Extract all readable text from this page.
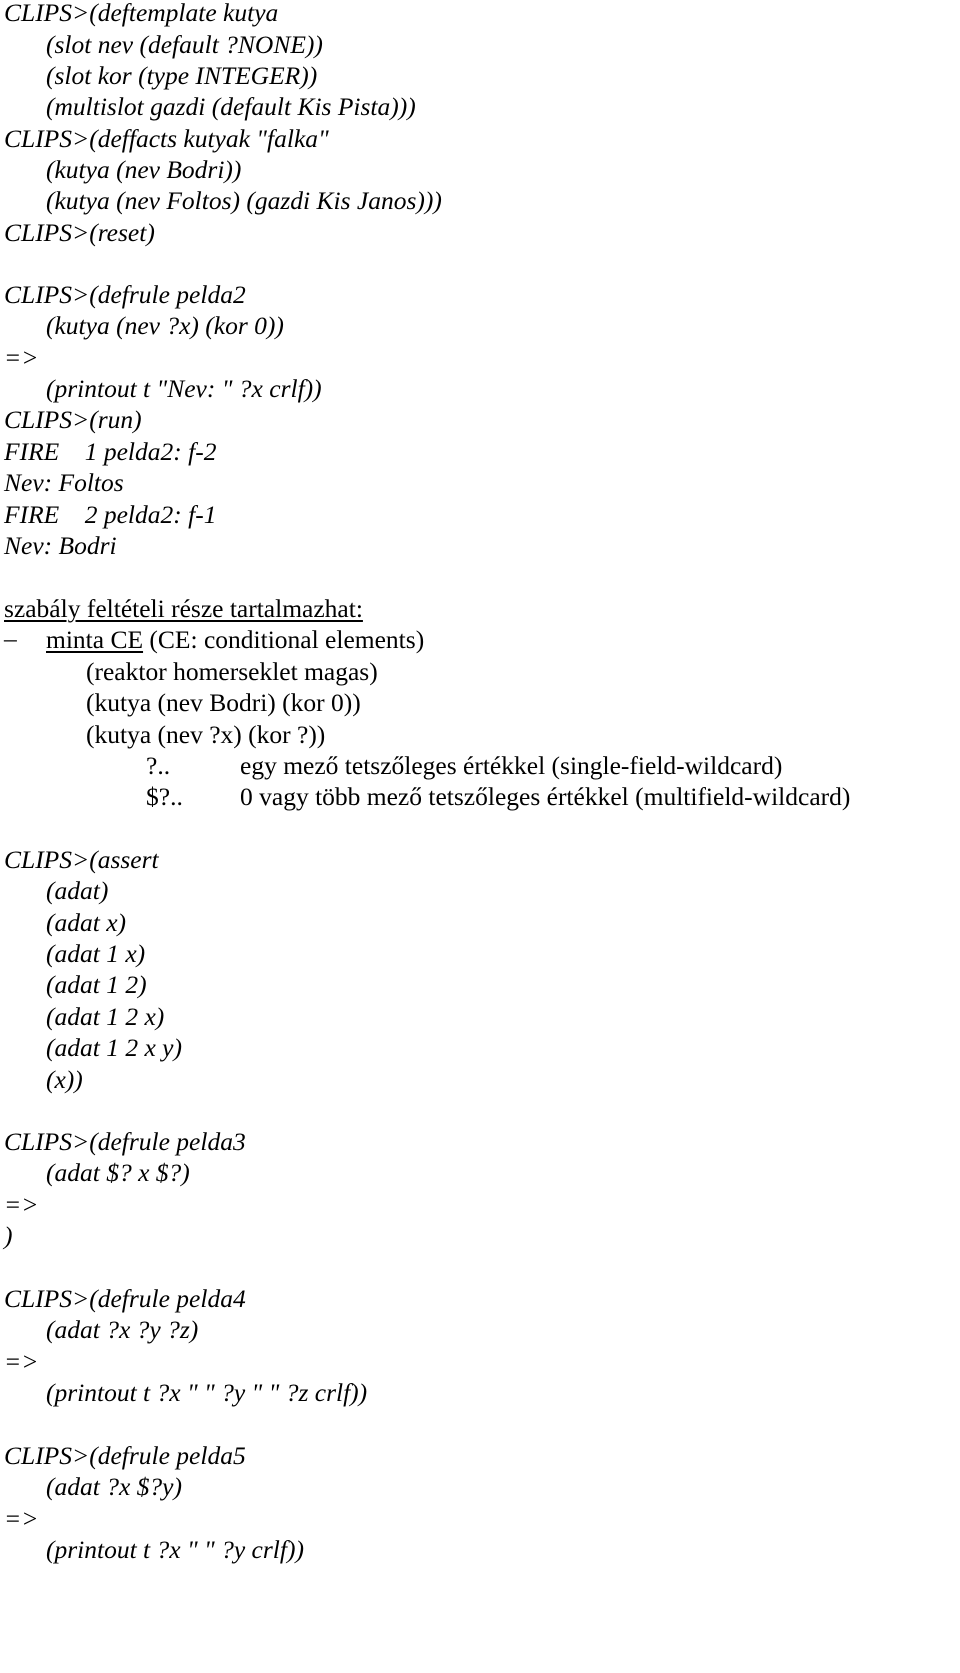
CLIPS>(deftemplate kutya
(slot nev (default ?NONE))
(slot kor (type INTEGER))
(multislot gazdi (default Kis Pista)))
CLIPS>(deffacts kutyak "falka"
(kutya (nev Bodri))
(kutya (nev Foltos) (gazdi Kis Janos)))
CLIPS>(reset)
CLIPS>(defrule pelda2
(kutya (nev ?x) (kor 0))
=>
(printout t "Nev: " ?x crlf))
CLIPS>(run)
FIRE    1 pelda2: f-2
Nev: Foltos
FIRE    2 pelda2: f-1
Nev: Bodri
szabály feltételi része tartalmazhat:
– minta CE (CE: conditional elements)
(reaktor homerseklet magas)
(kutya (nev Bodri) (kor 0))
(kutya (nev ?x) (kor ?))
?..	egy mező tetszőleges értékkel (single-field-wildcard)
$?.. 0 vagy több mező tetszőleges értékkel (multifield-wildcard)
CLIPS>(assert
(adat)
(adat x)
(adat 1 x)
(adat 1 2)
(adat 1 2 x)
(adat 1 2 x y)
(x))
CLIPS>(defrule pelda3
(adat $? x $?)
=>
)
CLIPS>(defrule pelda4
(adat ?x ?y ?z)
=>
(printout t ?x " " ?y " " ?z crlf))
CLIPS>(defrule pelda5
(adat ?x $?y)
=>
(printout t ?x " " ?y crlf))
